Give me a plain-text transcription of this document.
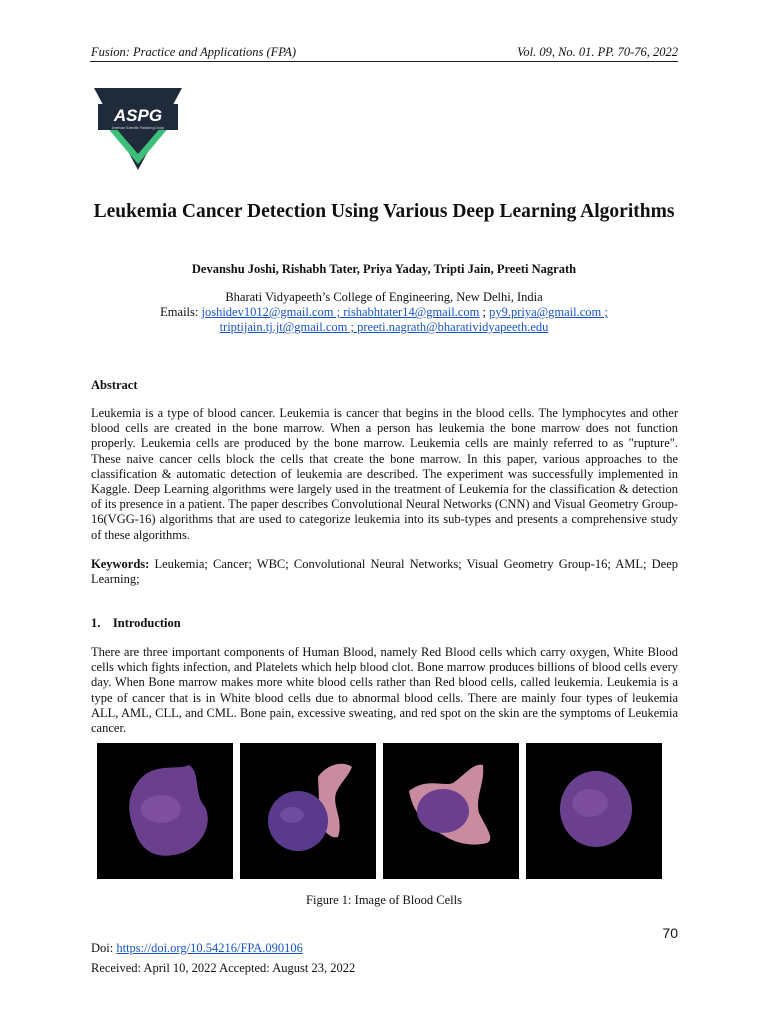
Fusion: Practice and Applications (FPA)	Vol. 09, No. 01. PP. 70-76, 2022
ASPG
American Scientific Publishing Group
Leukemia Cancer Detection Using Various Deep Learning Algorithms
Devanshu Joshi, Rishabh Tater, Priya Yaday, Tripti Jain, Preeti Nagrath
Bharati Vidyapeeth’s College of Engineering, New Delhi, India
Emails: joshidev1012@gmail.com ; rishabhtater14@gmail.com ; py9.priya@gmail.com ;
triptijain.tj.jt@gmail.com ; preeti.nagrath@bharatividyapeeth.edu
Abstract
Leukemia is a type of blood cancer. Leukemia is cancer that begins in the blood cells. The lymphocytes and other blood cells are created in the bone marrow. When a person has leukemia the bone marrow does not function properly. Leukemia cells are produced by the bone marrow. Leukemia cells are mainly referred to as "rupture". These naive cancer cells block the cells that create the bone marrow. In this paper, various approaches to the classification & automatic detection of leukemia are described. The experiment was successfully implemented in Kaggle. Deep Learning algorithms were largely used in the treatment of Leukemia for the classification & detection of its presence in a patient. The paper describes Convolutional Neural Networks (CNN) and Visual Geometry Group-16(VGG-16) algorithms that are used to categorize leukemia into its sub-types and presents a comprehensive study of these algorithms.
Keywords: Leukemia; Cancer; WBC; Convolutional Neural Networks; Visual Geometry Group-16; AML; Deep Learning;
1.    Introduction
There are three important components of Human Blood, namely Red Blood cells which carry oxygen, White Blood cells which fights infection, and Platelets which help blood clot. Bone marrow produces billions of blood cells every day. When Bone marrow makes more white blood cells rather than Red blood cells, called leukemia. Leukemia is a type of cancer that is in White blood cells due to abnormal blood cells. There are mainly four types of leukemia ALL, AML, CLL, and CML. Bone pain, excessive sweating, and red spot on the skin are the symptoms of Leukemia cancer.
Figure 1: Image of Blood Cells
70
Doi: https://doi.org/10.54216/FPA.090106
Received: April 10, 2022 Accepted: August 23, 2022
